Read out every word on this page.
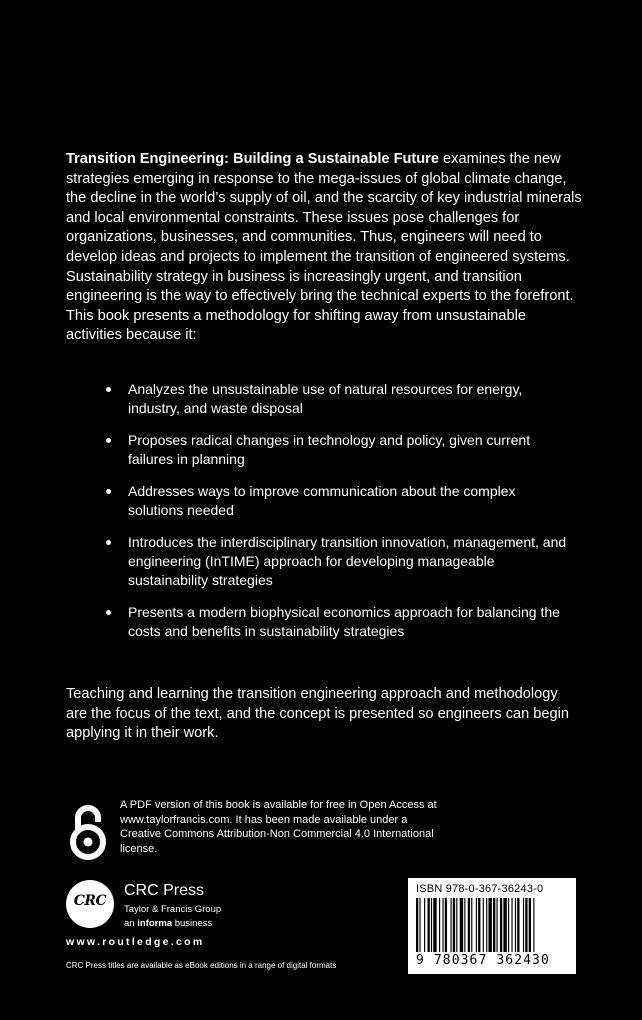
Transition Engineering: Building a Sustainable Future examines the new strategies emerging in response to the mega-issues of global climate change, the decline in the world’s supply of oil, and the scarcity of key industrial minerals and local environmental constraints. These issues pose challenges for organizations, businesses, and communities. Thus, engineers will need to develop ideas and projects to implement the transition of engineered systems. Sustainability strategy in business is increasingly urgent, and transition engineering is the way to effectively bring the technical experts to the forefront. This book presents a methodology for shifting away from unsustainable activities because it:
Analyzes the unsustainable use of natural resources for energy, industry, and waste disposal
Proposes radical changes in technology and policy, given current failures in planning
Addresses ways to improve communication about the complex solutions needed
Introduces the interdisciplinary transition innovation, management, and engineering (InTIME) approach for developing manageable sustainability strategies
Presents a modern biophysical economics approach for balancing the costs and benefits in sustainability strategies
Teaching and learning the transition engineering approach and methodology are the focus of the text, and the concept is presented so engineers can begin applying it in their work.
A PDF version of this book is available for free in Open Access at www.taylorfrancis.com. It has been made available under a Creative Commons Attribution-Non Commercial 4.0 International license.
CRC
CRC Press
Taylor & Francis Group
an informa business
www.routledge.com
CRC Press titles are available as eBook editions in a range of digital formats
ISBN 978-0-367-36243-0
9 780367 362430
